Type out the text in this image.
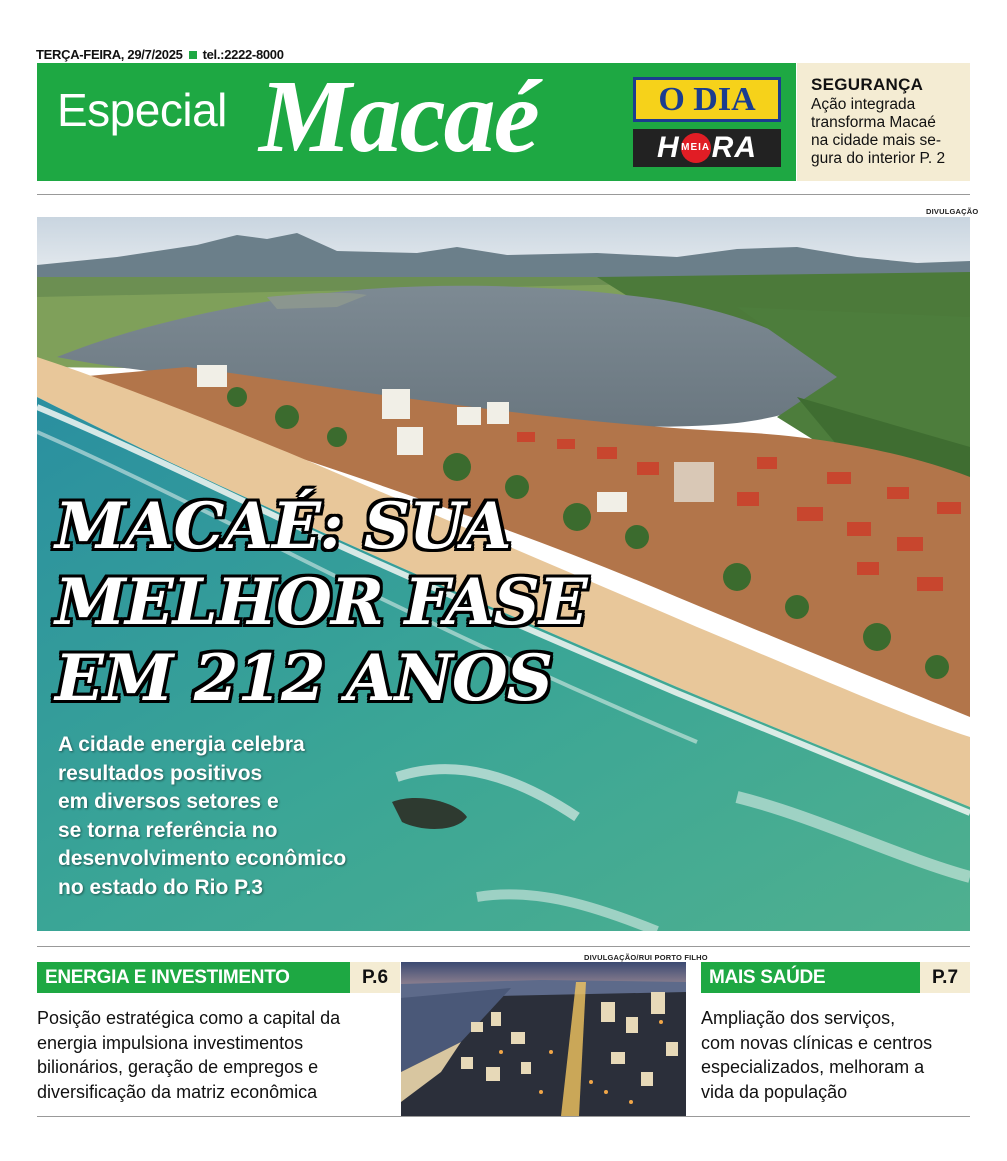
TERÇA-FEIRA, 29/7/2025 tel.: 2222-8000
Especial Macaé	O DIA
H MEIA RA
SEGURANÇA
Ação integrada
transforma Macaé
na cidade mais se-
gura do interior P. 2
DIVULGAÇÃO
MACAÉ: SUA
MELHOR FASE
EM 212 ANOS
A cidade energia celebra
resultados positivos
em diversos setores e
se torna referência no
desenvolvimento econômico
no estado do Rio P.3
DIVULGAÇÃO/RUI PORTO FILHO
ENERGIA E INVESTIMENTO	P.6
Posição estratégica como a capital da
energia impulsiona investimentos
bilionários, geração de empregos e
diversificação da matriz econômica
MAIS SAÚDE	P.7
Ampliação dos serviços,
com novas clínicas e centros
especializados, melhoram a
vida da população
